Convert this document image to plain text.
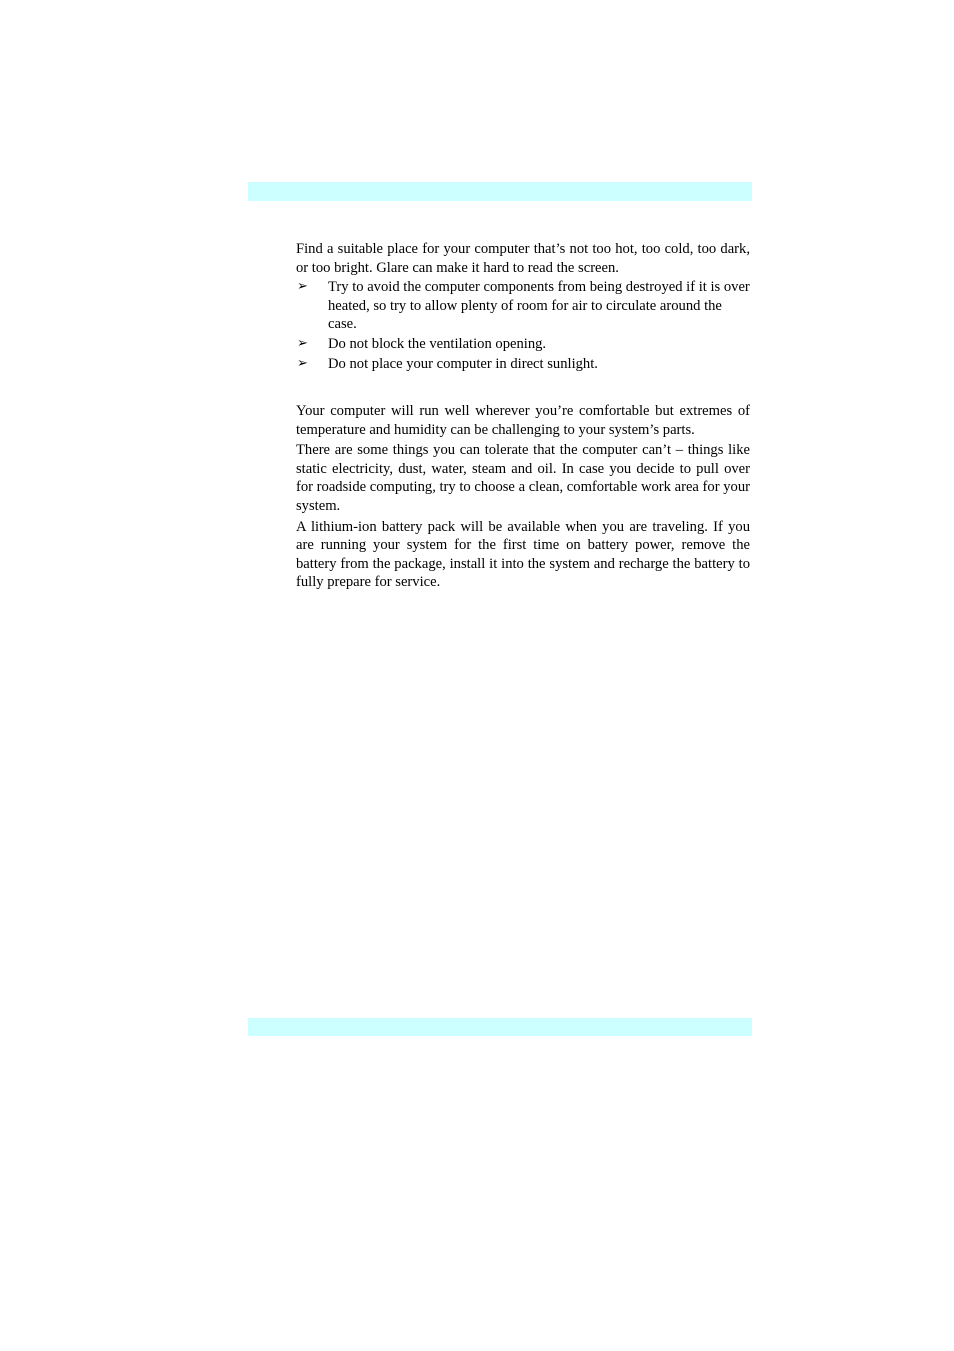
Find a suitable place for your computer that’s not too hot, too cold, too dark, or too bright. Glare can make it hard to read the screen.

➢ Try to avoid the computer components from being destroyed if it is over heated, so try to allow plenty of room for air to circulate around the case.
➢ Do not block the ventilation opening.
➢ Do not place your computer in direct sunlight.

Your computer will run well wherever you’re comfortable but extremes of temperature and humidity can be challenging to your system’s parts.

There are some things you can tolerate that the computer can’t – things like static electricity, dust, water, steam and oil. In case you decide to pull over for roadside computing, try to choose a clean, comfortable work area for your system.

A lithium-ion battery pack will be available when you are traveling. If you are running your system for the first time on battery power, remove the battery from the package, install it into the system and recharge the battery to fully prepare for service.
